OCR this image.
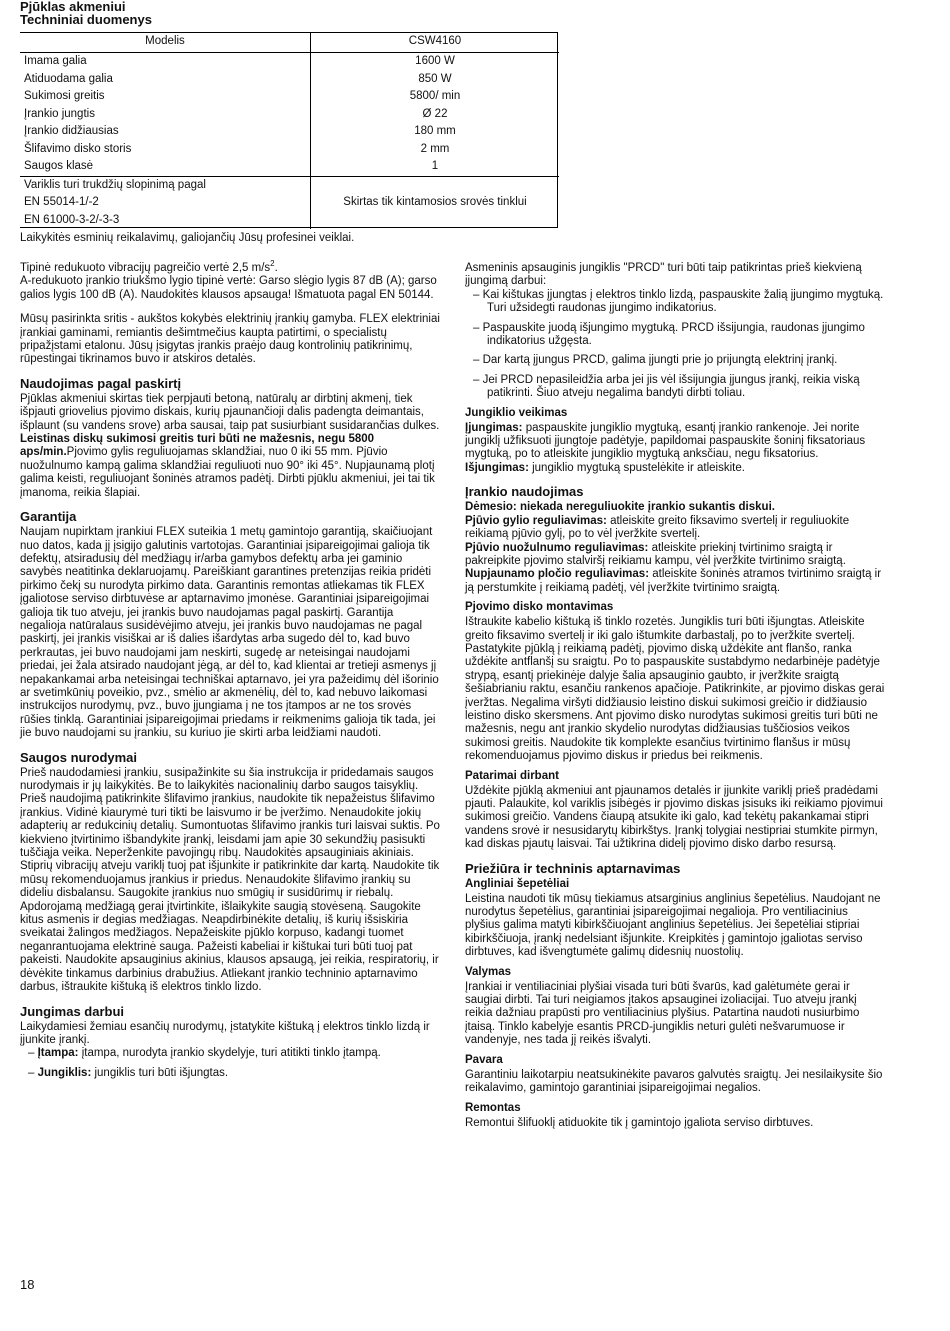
Pjūklas akmeniui
Techniniai duomenys
Modelis	CSW4160
Imama galia	1600 W
Atiduodama galia	850 W
Sukimosi greitis	5800/ min
Įrankio jungtis	Ø 22
Įrankio didžiausias	180 mm
Šlifavimo disko storis	2 mm
Saugos klasė	1

Variklis turi trukdžių slopinimą pagal
EN 55014-1/-2
EN 61000-3-2/-3-3	Skirtas tik kintamosios srovės tinklui
Laikykitės esminių reikalavimų, galiojančių Jūsų profesinei veiklai.

Tipinė redukuoto vibracijų pagreičio vertė 2,5 $m/s^2$.

A-redukuoto įrankio triukšmo lygio tipinė vertė: Garso slėgio lygis 87 dB (A); garso galios lygis 100 dB (A). Naudokitės klausos apsauga! Išmatuota pagal EN 50144.

Mūsų pasirinkta sritis - aukštos kokybės elektrinių įrankių gamyba. FLEX elektriniai įrankiai gaminami, remiantis dešimtmečius kaupta patirtimi, o specialistų pripažįstami etalonu. Jūsų įsigytas įrankis praėjo daug kontrolinių patikrinimų, rūpestingai tikrinamos buvo ir atskiros detalės.

Naudojimas pagal paskirtį

Pjūklas akmeniui skirtas tiek perpjauti betoną, natūralų ar dirbtinį akmenį, tiek išpjauti griovelius pjovimo diskais, kurių pjaunančioji dalis padengta deimantais, išplaunt (su vandens srove) arba sausai, taip pat susiurbiant susidarančias dulkes. Leistinas diskų sukimosi greitis turi būti ne mažesnis, negu 5800 aps/min.Pjovimo gylis reguliuojamas sklandžiai, nuo 0 iki 55 mm. Pjūvio nuožulnumo kampą galima sklandžiai reguliuoti nuo 90° iki 45°. Nupjaunamą plotį galima keisti, reguliuojant šoninės atramos padėtį. Dirbti pjūklu akmeniui, jei tai tik įmanoma, reikia šlapiai.

Garantija

Naujam nupirktam įrankiui FLEX suteikia 1 metų gamintojo garantiją, skaičiuojant nuo datos, kada jį įsigijo galutinis vartotojas. Garantiniai įsipareigojimai galioja tik defektų, atsiradusių dėl medžiagų ir/arba gamybos defektų arba jei gaminio savybės neatitinka deklaruojamų. Pareiškiant garantines pretenzijas reikia pridėti pirkimo čekį su nurodyta pirkimo data. Garantinis remontas atliekamas tik FLEX įgaliotose serviso dirbtuvėse ar aptarnavimo įmonėse. Garantiniai įsipareigojimai galioja tik tuo atveju, jei įrankis buvo naudojamas pagal paskirtį. Garantija negalioja natūralaus susidėvėjimo atveju, jei įrankis buvo naudojamas ne pagal paskirtį, jei įrankis visiškai ar iš dalies išardytas arba sugedo dėl to, kad buvo perkrautas, jei buvo naudojami jam neskirti, sugedę ar neteisingai naudojami priedai, jei žala atsirado naudojant jėgą, ar dėl to, kad klientai ar tretieji asmenys jį nepakankamai arba neteisingai techniškai aptarnavo, jei yra pažeidimų dėl išorinio ar svetimkūnių poveikio, pvz., smėlio ar akmenėlių, dėl to, kad nebuvo laikomasi instrukcijos nurodymų, pvz., buvo įjungiama į ne tos įtampos ar ne tos srovės rūšies tinklą. Garantiniai įsipareigojimai priedams ir reikmenims galioja tik tada, jei jie buvo naudojami su įrankiu, su kuriuo jie skirti arba leidžiami naudoti.

Saugos nurodymai

Prieš naudodamiesi įrankiu, susipažinkite su šia instrukcija ir pridedamais saugos nurodymais ir jų laikykitės. Be to laikykitės nacionalinių darbo saugos taisyklių. Prieš naudojimą patikrinkite šlifavimo įrankius, naudokite tik nepažeistus šlifavimo įrankius. Vidinė kiaurymė turi tikti be laisvumo ir be įveržimo. Nenaudokite jokių adapterių ar redukcinių detalių. Sumontuotas šlifavimo įrankis turi laisvai suktis. Po kiekvieno įtvirtinimo išbandykite įrankį, leisdami jam apie 30 sekundžių pasisukti tuščiąja veika. Neperženkite pavojingų ribų. Naudokitės apsauginiais akiniais. Stiprių vibracijų atveju variklį tuoj pat išjunkite ir patikrinkite dar kartą. Naudokite tik mūsų rekomenduojamus įrankius ir priedus. Nenaudokite šlifavimo įrankių su dideliu disbalansu. Saugokite įrankius nuo smūgių ir susidūrimų ir riebalų. Apdorojamą medžiagą gerai įtvirtinkite, išlaikykite saugią stovėseną. Saugokite kitus asmenis ir degias medžiagas. Neapdirbinėkite detalių, iš kurių išsiskiria sveikatai žalingos medžiagos. Nepažeiskite pjūklo korpuso, kadangi tuomet neganrantuojama elektrinė sauga. Pažeisti kabeliai ir kištukai turi būti tuoj pat pakeisti. Naudokite apsauginius akinius, klausos apsaugą, jei reikia, respiratorių, ir dėvėkite tinkamus darbinius drabužius. Atliekant įrankio techninio aptarnavimo darbus, ištraukite kištuką iš elektros tinklo lizdo.

Jungimas darbui

Laikydamiesi žemiau esančių nurodymų, įstatykite kištuką į elektros tinklo lizdą ir įjunkite įrankį.

– Įtampa: įtampa, nurodyta įrankio skydelyje, turi atitikti tinklo įtampą.

– Jungiklis: jungiklis turi būti išjungtas.

Asmeninis apsauginis jungiklis "PRCD" turi būti taip patikrintas prieš kiekvieną įjungimą darbui:

– Kai kištukas įjungtas į elektros tinklo lizdą, paspauskite žalią įjungimo mygtuką. Turi užsidegti raudonas įjungimo indikatorius.

– Paspauskite juodą išjungimo mygtuką. PRCD išsijungia, raudonas įjungimo indikatorius užgęsta.

– Dar kartą įjungus PRCD, galima įjungti prie jo prijungtą elektrinį įrankį.

– Jei PRCD nepasileidžia arba jei jis vėl išsijungia įjungus įrankį, reikia viską patikrinti. Šiuo atveju negalima bandyti dirbti toliau.

Jungiklio veikimas

Įjungimas: paspauskite jungiklio mygtuką, esantį įrankio rankenoje. Jei norite jungiklį užfiksuoti įjungtoje padėtyje, papildomai paspauskite šoninį fiksatoriaus mygtuką, po to atleiskite jungiklio mygtuką anksčiau, negu fiksatorius.

Išjungimas: jungiklio mygtuką spustelėkite ir atleiskite.

Įrankio naudojimas

Dėmesio: niekada nereguliuokite įrankio sukantis diskui.

Pjūvio gylio reguliavimas: atleiskite greito fiksavimo svertelį ir reguliuokite reikiamą pjūvio gylį, po to vėl įveržkite svertelį.

Pjūvio nuožulnumo reguliavimas: atleiskite priekinį tvirtinimo sraigtą ir pakreipkite pjovimo stalviršį reikiamu kampu, vėl įveržkite tvirtinimo sraigtą.

Nupjaunamo pločio reguliavimas: atleiskite šoninės atramos tvirtinimo sraigtą ir ją perstumkite į reikiamą padėtį, vėl įveržkite tvirtinimo sraigtą.

Pjovimo disko montavimas

Ištraukite kabelio kištuką iš tinklo rozetės. Jungiklis turi būti išjungtas. Atleiskite greito fiksavimo svertelį ir iki galo ištumkite darbastalį, po to įveržkite svertelį. Pastatykite pjūklą į reikiamą padėtį, pjovimo diską uždėkite ant flanšo, ranka uždėkite antflanšį su sraigtu. Po to paspauskite sustabdymo nedarbinėje padėtyje strypą, esantį priekinėje dalyje šalia apsauginio gaubto, ir įveržkite sraigtą šešiabrianiu raktu, esančiu rankenos apačioje. Patikrinkite, ar pjovimo diskas gerai įveržtas. Negalima viršyti didžiausio leistino diskui sukimosi greičio ir didžiausio leistino disko skersmens. Ant pjovimo disko nurodytas sukimosi greitis turi būti ne mažesnis, negu ant įrankio skydelio nurodytas didžiausias tuščiosios veikos sukimosi greitis. Naudokite tik komplekte esančius tvirtinimo flanšus ir mūsų rekomenduojamus pjovimo diskus ir priedus bei reikmenis.

Patarimai dirbant

Uždėkite pjūklą akmeniui ant pjaunamos detalės ir įjunkite variklį prieš pradėdami pjauti. Palaukite, kol variklis įsibėgės ir pjovimo diskas įsisuks iki reikiamo pjovimui sukimosi greičio. Vandens čiaupą atsukite iki galo, kad tekėtų pakankamai stipri vandens srovė ir nesusidarytų kibirkštys. Įrankį tolygiai nestipriai stumkite pirmyn, kad diskas pjautų laisvai. Tai užtikrina didelį pjovimo disko darbo resursą.

Priežiūra ir techninis aptarnavimas
Angliniai šepetėliai

Leistina naudoti tik mūsų tiekiamus atsarginius anglinius šepetėlius. Naudojant ne nurodytus šepetėlius, garantiniai įsipareigojimai negalioja. Pro ventiliacinius plyšius galima matyti kibirkščiuojant anglinius šepetėlius. Jei šepetėliai stipriai kibirkščiuoja, įrankį nedelsiant išjunkite. Kreipkitės į gamintojo įgaliotas serviso dirbtuves, kad išvengtumėte galimų didesnių nuostolių.

Valymas

Įrankiai ir ventiliaciniai plyšiai visada turi būti švarūs, kad galėtumėte gerai ir saugiai dirbti. Tai turi neigiamos įtakos apsauginei izoliacijai. Tuo atveju įrankį reikia dažniau prapūsti pro ventiliacinius plyšius. Patartina naudoti nusiurbimo įtaisą. Tinklo kabelyje esantis PRCD-jungiklis neturi gulėti nešvarumuose ir vandenyje, nes tada jį reikės išvalyti.

Pavara

Garantiniu laikotarpiu neatsukinėkite pavaros galvutės sraigtų. Jei nesilaikysite šio reikalavimo, gamintojo garantiniai įsipareigojimai negalios.

Remontas

Remontui šlifuoklį atiduokite tik į gamintojo įgaliota serviso dirbtuves.

18
